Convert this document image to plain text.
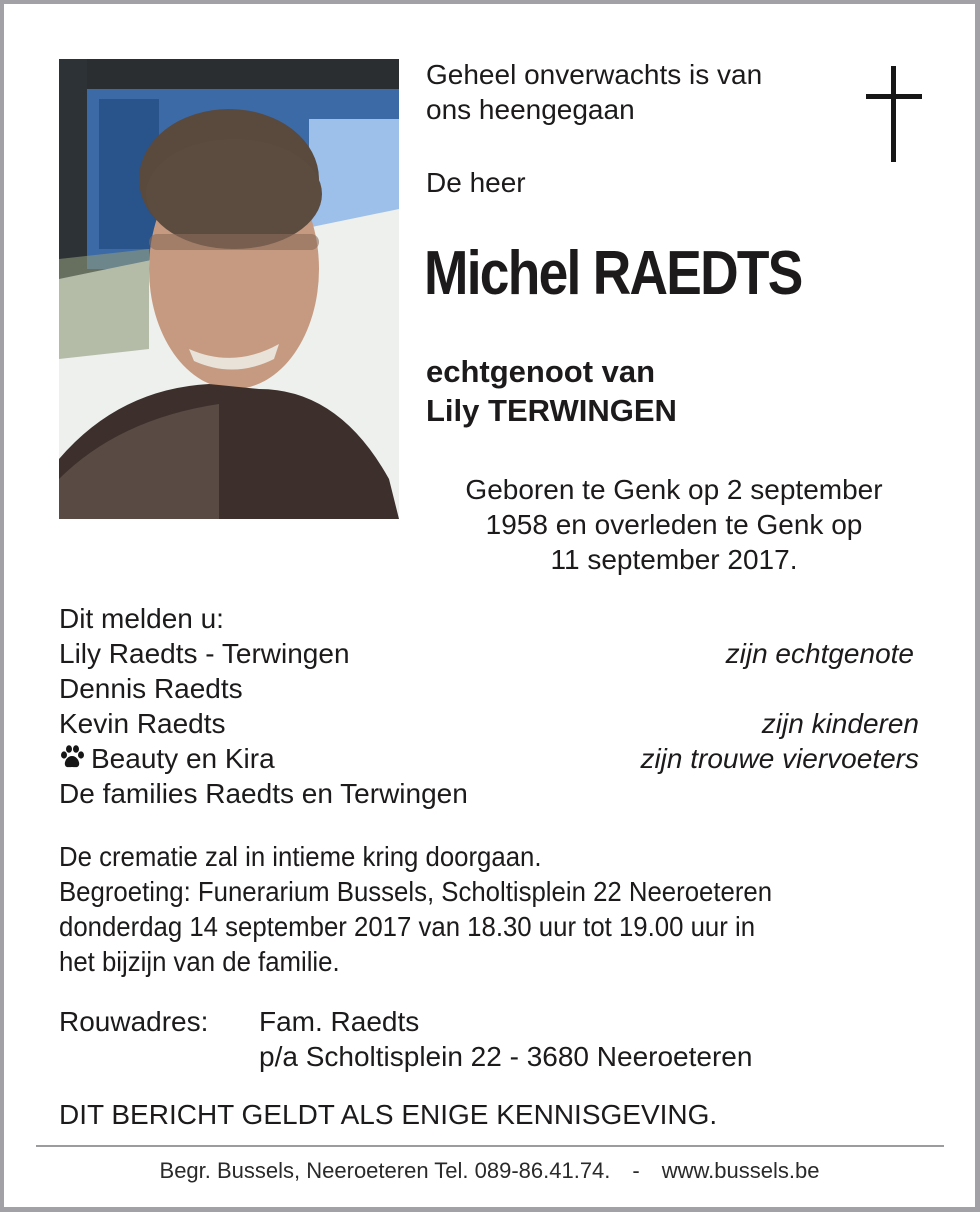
Geheel onverwachts is van
ons heengegaan
De heer
Michel RAEDTS
echtgenoot van
Lily TERWINGEN
Geboren te Genk op 2 september
1958 en overleden te Genk op
11 september 2017.
Dit melden u:
Lily Raedts - Terwingen	zijn echtgenote
Dennis Raedts
Kevin Raedts	zijn kinderen
Beauty en Kira	zijn trouwe viervoeters
De families Raedts en Terwingen
De crematie zal in intieme kring doorgaan.
Begroeting: Funerarium Bussels, Scholtisplein 22 Neeroeteren
donderdag 14 september 2017 van 18.30 uur tot 19.00 uur in
het bijzijn van de familie.
Rouwadres: Fam. Raedts
p/a Scholtisplein 22 - 3680 Neeroeteren
DIT BERICHT GELDT ALS ENIGE KENNISGEVING.
Begr. Bussels, Neeroeteren Tel. 089-86.41.74. - www.bussels.be
